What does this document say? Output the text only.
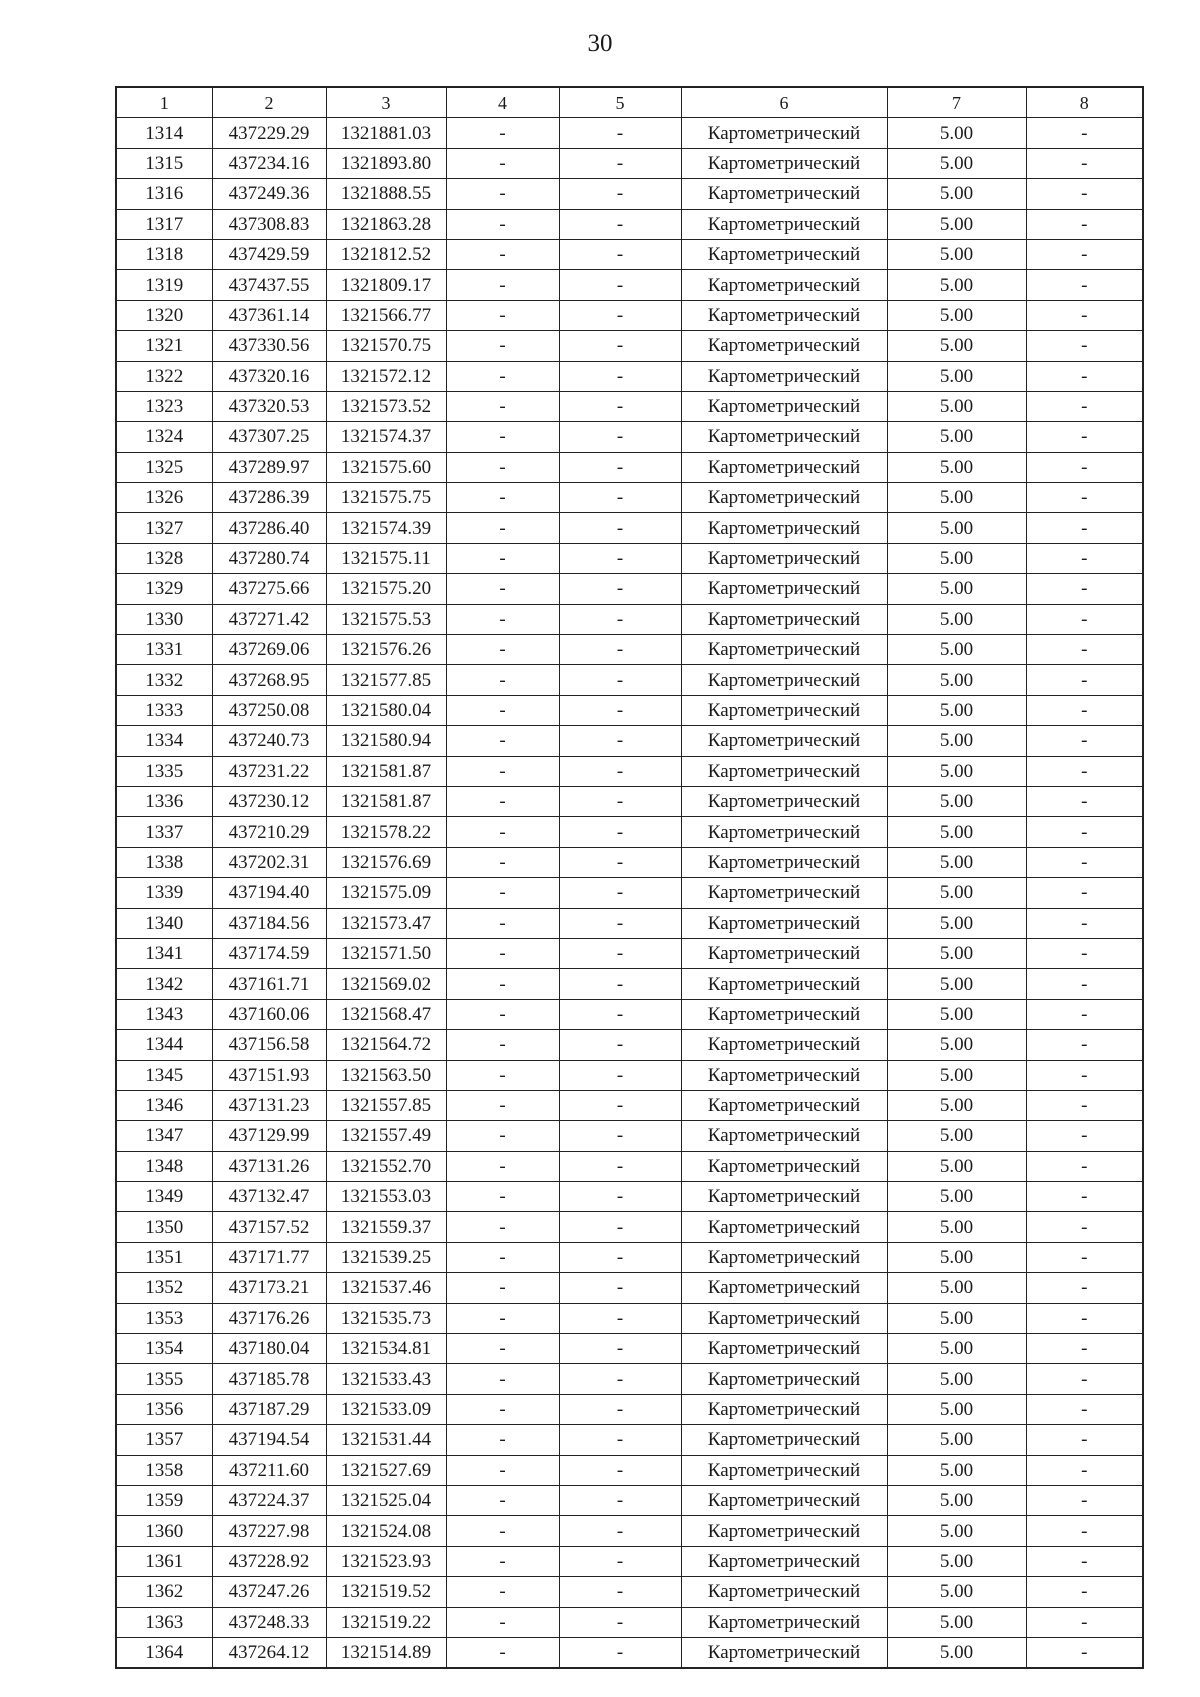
30
1	2	3	4	5	6	7	8
1314	437229.29	1321881.03	-	-	Картометрический	5.00	-
1315	437234.16	1321893.80	-	-	Картометрический	5.00	-
1316	437249.36	1321888.55	-	-	Картометрический	5.00	-
1317	437308.83	1321863.28	-	-	Картометрический	5.00	-
1318	437429.59	1321812.52	-	-	Картометрический	5.00	-
1319	437437.55	1321809.17	-	-	Картометрический	5.00	-
1320	437361.14	1321566.77	-	-	Картометрический	5.00	-
1321	437330.56	1321570.75	-	-	Картометрический	5.00	-
1322	437320.16	1321572.12	-	-	Картометрический	5.00	-
1323	437320.53	1321573.52	-	-	Картометрический	5.00	-
1324	437307.25	1321574.37	-	-	Картометрический	5.00	-
1325	437289.97	1321575.60	-	-	Картометрический	5.00	-
1326	437286.39	1321575.75	-	-	Картометрический	5.00	-
1327	437286.40	1321574.39	-	-	Картометрический	5.00	-
1328	437280.74	1321575.11	-	-	Картометрический	5.00	-
1329	437275.66	1321575.20	-	-	Картометрический	5.00	-
1330	437271.42	1321575.53	-	-	Картометрический	5.00	-
1331	437269.06	1321576.26	-	-	Картометрический	5.00	-
1332	437268.95	1321577.85	-	-	Картометрический	5.00	-
1333	437250.08	1321580.04	-	-	Картометрический	5.00	-
1334	437240.73	1321580.94	-	-	Картометрический	5.00	-
1335	437231.22	1321581.87	-	-	Картометрический	5.00	-
1336	437230.12	1321581.87	-	-	Картометрический	5.00	-
1337	437210.29	1321578.22	-	-	Картометрический	5.00	-
1338	437202.31	1321576.69	-	-	Картометрический	5.00	-
1339	437194.40	1321575.09	-	-	Картометрический	5.00	-
1340	437184.56	1321573.47	-	-	Картометрический	5.00	-
1341	437174.59	1321571.50	-	-	Картометрический	5.00	-
1342	437161.71	1321569.02	-	-	Картометрический	5.00	-
1343	437160.06	1321568.47	-	-	Картометрический	5.00	-
1344	437156.58	1321564.72	-	-	Картометрический	5.00	-
1345	437151.93	1321563.50	-	-	Картометрический	5.00	-
1346	437131.23	1321557.85	-	-	Картометрический	5.00	-
1347	437129.99	1321557.49	-	-	Картометрический	5.00	-
1348	437131.26	1321552.70	-	-	Картометрический	5.00	-
1349	437132.47	1321553.03	-	-	Картометрический	5.00	-
1350	437157.52	1321559.37	-	-	Картометрический	5.00	-
1351	437171.77	1321539.25	-	-	Картометрический	5.00	-
1352	437173.21	1321537.46	-	-	Картометрический	5.00	-
1353	437176.26	1321535.73	-	-	Картометрический	5.00	-
1354	437180.04	1321534.81	-	-	Картометрический	5.00	-
1355	437185.78	1321533.43	-	-	Картометрический	5.00	-
1356	437187.29	1321533.09	-	-	Картометрический	5.00	-
1357	437194.54	1321531.44	-	-	Картометрический	5.00	-
1358	437211.60	1321527.69	-	-	Картометрический	5.00	-
1359	437224.37	1321525.04	-	-	Картометрический	5.00	-
1360	437227.98	1321524.08	-	-	Картометрический	5.00	-
1361	437228.92	1321523.93	-	-	Картометрический	5.00	-
1362	437247.26	1321519.52	-	-	Картометрический	5.00	-
1363	437248.33	1321519.22	-	-	Картометрический	5.00	-
1364	437264.12	1321514.89	-	-	Картометрический	5.00	-
